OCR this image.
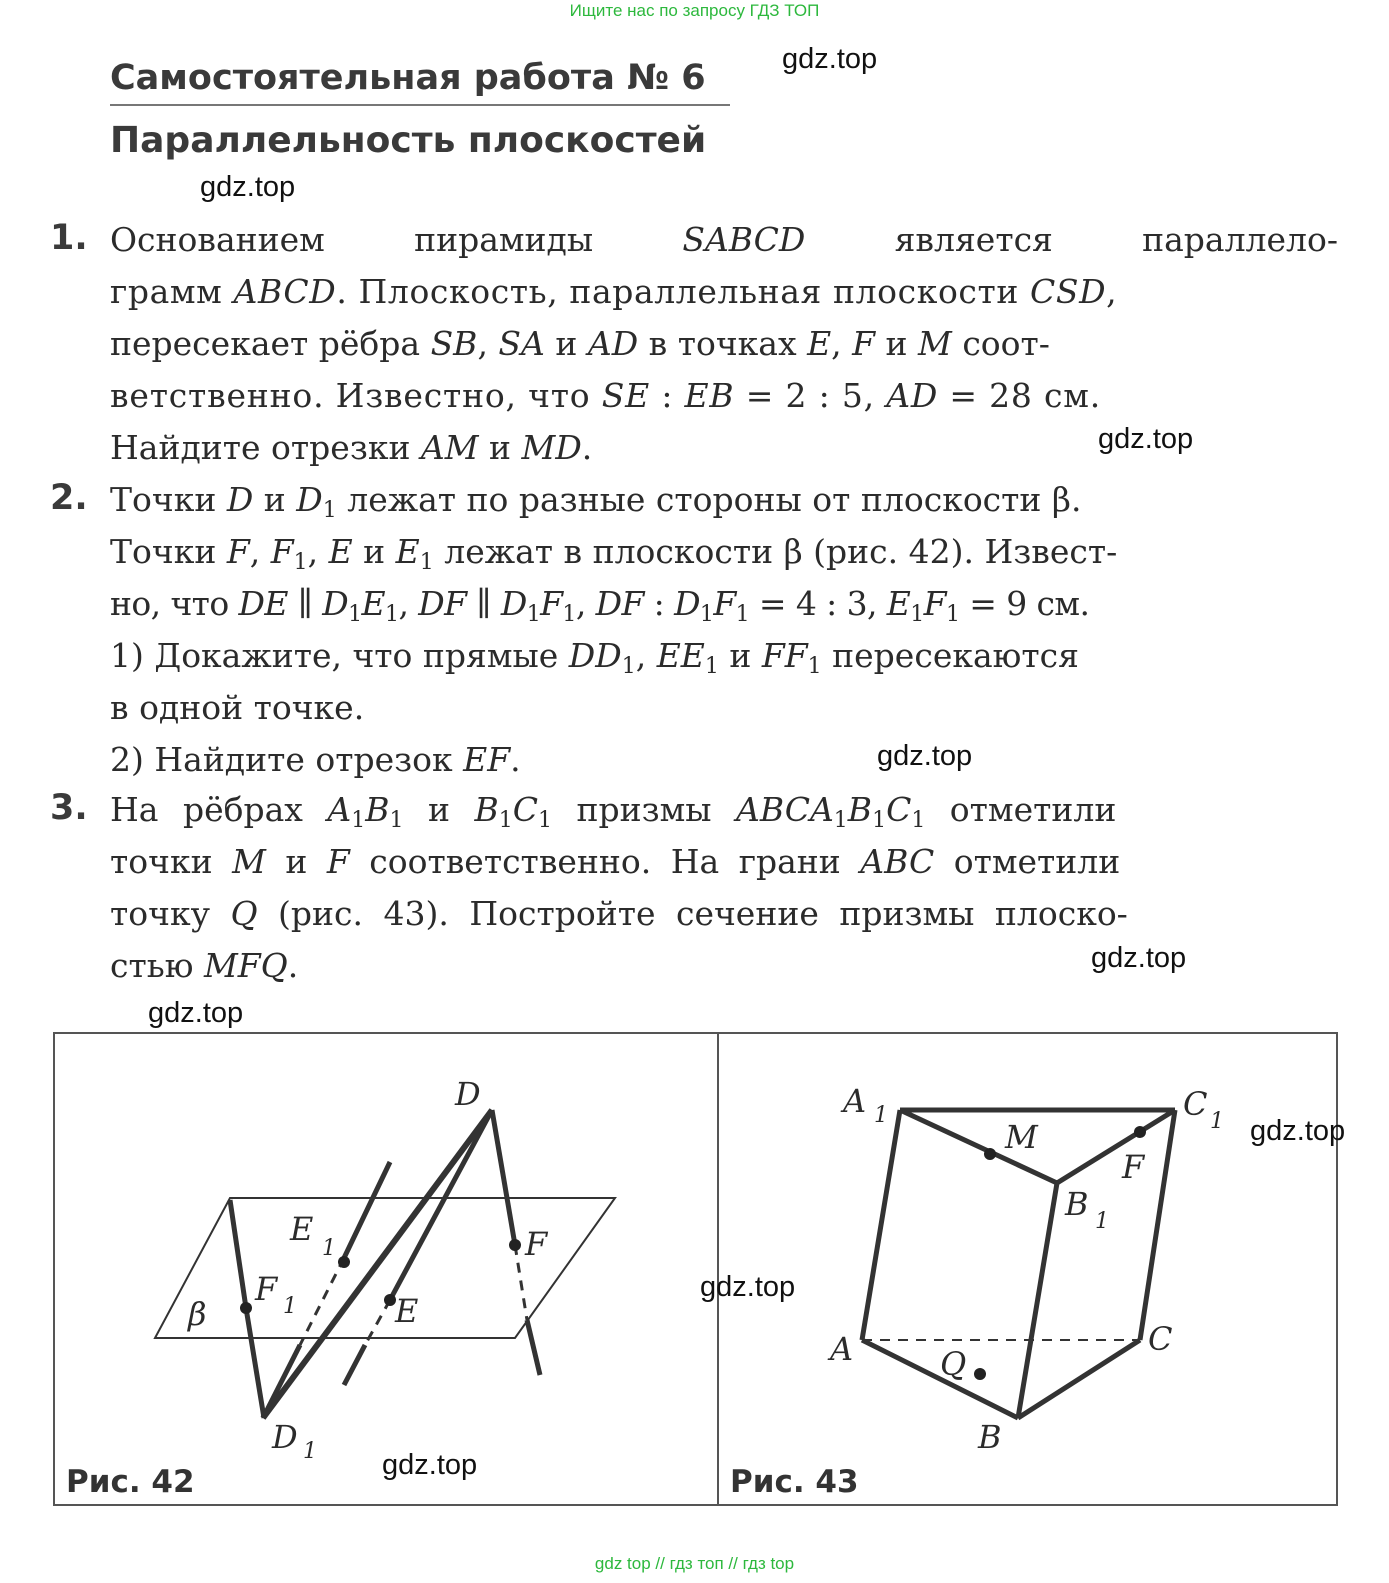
Ищите нас по запросу ГДЗ ТОП
Самостоятельная работа № 6
Параллельность плоскостей
1. Основанием	пирамиды	SABCD	является	параллело-
грамм ABCD. Плоскость, параллельная плоскости CSD,
пересекает рёбра SB, SA и AD в точках E, F и M соот-
ветственно. Известно, что SE : EB = 2 : 5, AD = 28 см.
Найдите отрезки AM и MD.
2. Точки D и $D_1$ лежат по разные стороны от плоскости β.
Точки F, $F_1$, E и $E_1$ лежат в плоскости β (рис. 42). Извест-
но, что DE ∥ $D_1E_1$, DF ∥ $D_1F_1$, DF : $D_1F_1 = 4$ : 3, $E_1F_1 = 9$ см.
1) Докажите, что прямые $DD_1$, $EE_1$ и $FF_1$ пересекаются
в одной точке.
2) Найдите отрезок EF.
3. На рёбрах $A_1B_1$ и $B_1C_1$ призмы $ABCA_1B_1C_1$ отметили
точки M и F соответственно. На грани ABC отметили
точку Q (рис. 43). Постройте сечение призмы плоско-
стью MFQ.
D
E
1
F 1	E
F
β
D 1
A 1	C 1
M
F
B 1
A	C
Q
B
Рис. 42	Рис. 43
gdz.top
gdz.top
gdz.top
gdz.top
gdz.top
gdz.top
gdz.top
gdz.top
gdz.top
gdz top // гдз топ // гдз top
